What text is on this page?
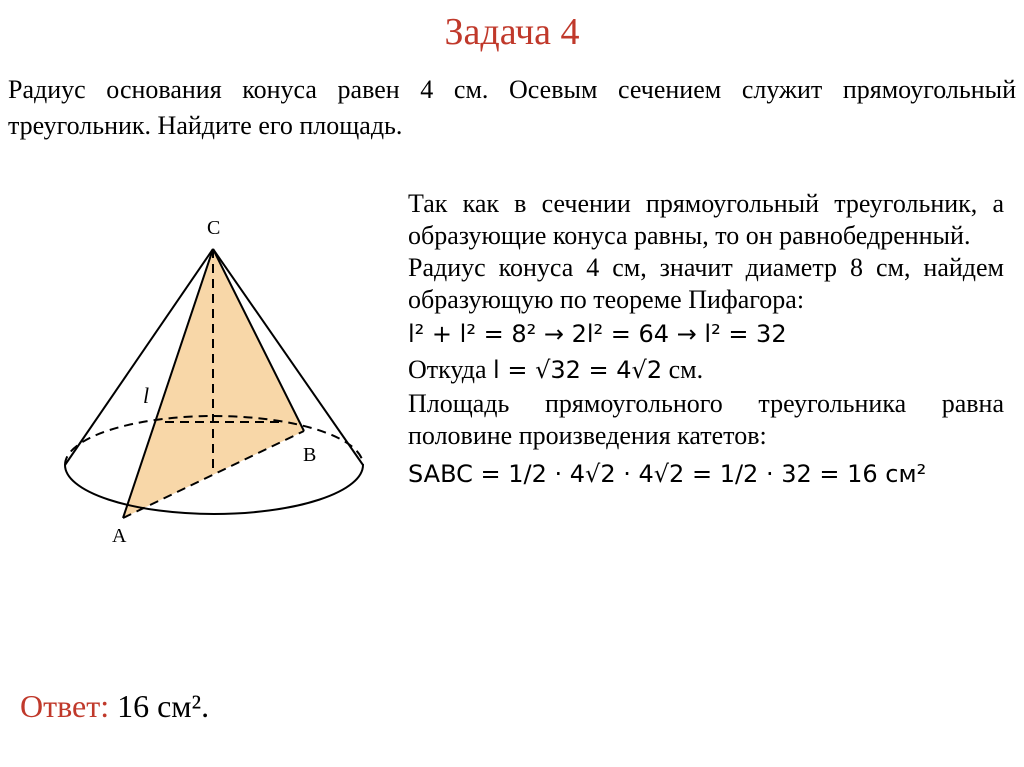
Задача 4
Радиус основания конуса равен 4 см. Осевым сечением служит прямоугольный треугольник. Найдите его площадь.
C
B
A
l

Так как в сечении прямоугольный треугольник, а образующие конуса равны, то он равнобедренный.

Радиус конуса 4 см, значит диаметр 8 см, найдем образующую по теореме Пифагора:

l² + l² = 8² → 2l² = 64 → l² = 32
Откуда l = √32 = 4√2 см.

Площадь прямоугольного треугольника равна половине произведения катетов:

SABC = 1/2 · 4√2 · 4√2 = 1/2 · 32 = 16 см²
Ответ: 16 см².
